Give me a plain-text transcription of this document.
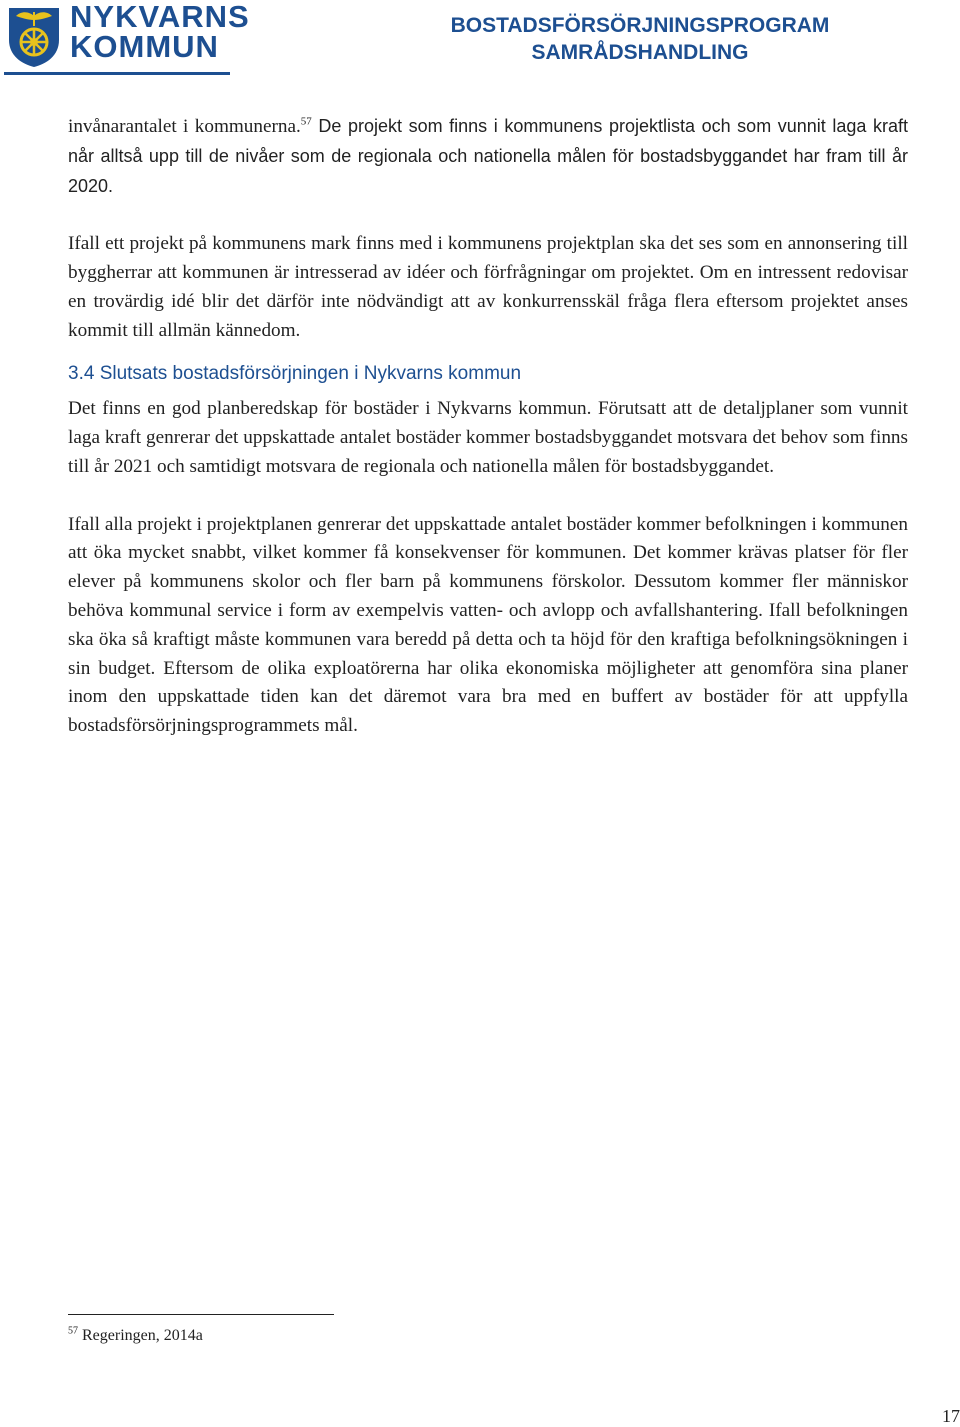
NYKVARNS
KOMMUN
BOSTADSFÖRSÖRJNINGSPROGRAM
SAMRÅDSHANDLING

invånarantalet i kommunerna.$^{57}$ De projekt som finns i kommunens projektlista och som vunnit laga kraft når alltså upp till de nivåer som de regionala och nationella målen för bostadsbyggandet har fram till år 2020.

Ifall ett projekt på kommunens mark finns med i kommunens projektplan ska det ses som en annonsering till byggherrar att kommunen är intresserad av idéer och förfrågningar om projektet. Om en intressent redovisar en trovärdig idé blir det därför inte nödvändigt att av konkurrensskäl fråga flera eftersom projektet anses kommit till allmän kännedom.

3.4 Slutsats bostadsförsörjningen i Nykvarns kommun

Det finns en god planberedskap för bostäder i Nykvarns kommun. Förutsatt att de detaljplaner som vunnit laga kraft genrerar det uppskattade antalet bostäder kommer bostadsbyggandet motsvara det behov som finns till år 2021 och samtidigt motsvara de regionala och nationella målen för bostadsbyggandet.

Ifall alla projekt i projektplanen genrerar det uppskattade antalet bostäder kommer befolkningen i kommunen att öka mycket snabbt, vilket kommer få konsekvenser för kommunen. Det kommer krävas platser för fler elever på kommunens skolor och fler barn på kommunens förskolor. Dessutom kommer fler människor behöva kommunal service i form av exempelvis vatten- och avlopp och avfallshantering. Ifall befolkningen ska öka så kraftigt måste kommunen vara beredd på detta och ta höjd för den kraftiga befolkningsökningen i sin budget. Eftersom de olika exploatörerna har olika ekonomiska möjligheter att genomföra sina planer inom den uppskattade tiden kan det däremot vara bra med en buffert av bostäder för att uppfylla bostadsförsörjningsprogrammets mål.

$^{57}$ Regeringen, 2014a
17
